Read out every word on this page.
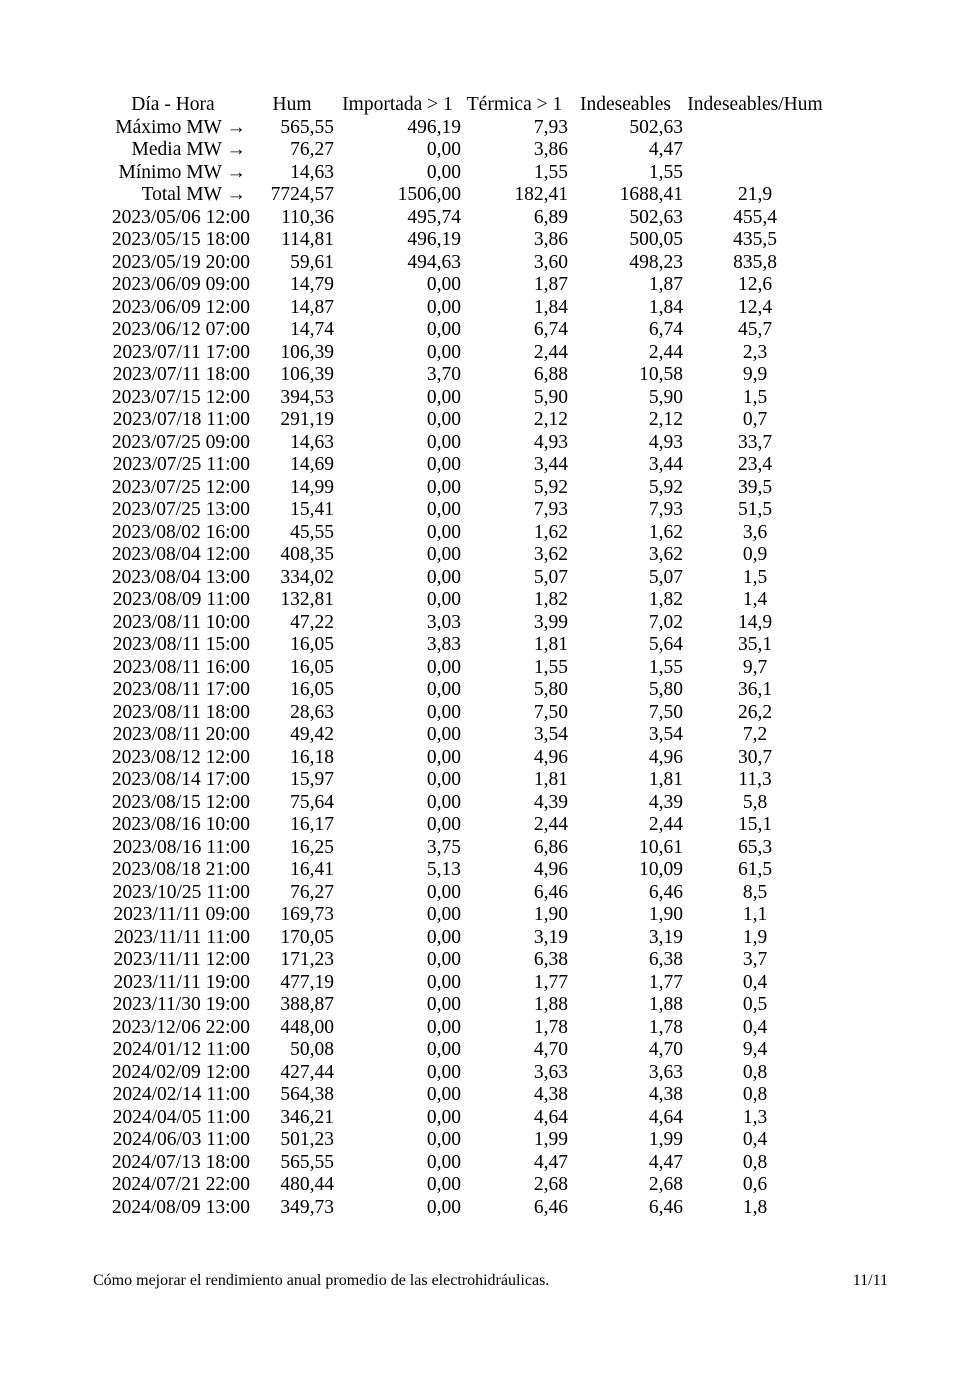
Día - Hora	Hum	Importada > 1	Térmica > 1	Indeseables	Indeseables/Hum
Máximo MW →	565,55	496,19	7,93	502,63	
Media MW →	76,27	0,00	3,86	4,47	
Mínimo MW →	14,63	0,00	1,55	1,55	
Total MW →	7724,57	1506,00	182,41	1688,41	21,9
2023/05/06 12:00	110,36	495,74	6,89	502,63	455,4
2023/05/15 18:00	114,81	496,19	3,86	500,05	435,5
2023/05/19 20:00	59,61	494,63	3,60	498,23	835,8
2023/06/09 09:00	14,79	0,00	1,87	1,87	12,6
2023/06/09 12:00	14,87	0,00	1,84	1,84	12,4
2023/06/12 07:00	14,74	0,00	6,74	6,74	45,7
2023/07/11 17:00	106,39	0,00	2,44	2,44	2,3
2023/07/11 18:00	106,39	3,70	6,88	10,58	9,9
2023/07/15 12:00	394,53	0,00	5,90	5,90	1,5
2023/07/18 11:00	291,19	0,00	2,12	2,12	0,7
2023/07/25 09:00	14,63	0,00	4,93	4,93	33,7
2023/07/25 11:00	14,69	0,00	3,44	3,44	23,4
2023/07/25 12:00	14,99	0,00	5,92	5,92	39,5
2023/07/25 13:00	15,41	0,00	7,93	7,93	51,5
2023/08/02 16:00	45,55	0,00	1,62	1,62	3,6
2023/08/04 12:00	408,35	0,00	3,62	3,62	0,9
2023/08/04 13:00	334,02	0,00	5,07	5,07	1,5
2023/08/09 11:00	132,81	0,00	1,82	1,82	1,4
2023/08/11 10:00	47,22	3,03	3,99	7,02	14,9
2023/08/11 15:00	16,05	3,83	1,81	5,64	35,1
2023/08/11 16:00	16,05	0,00	1,55	1,55	9,7
2023/08/11 17:00	16,05	0,00	5,80	5,80	36,1
2023/08/11 18:00	28,63	0,00	7,50	7,50	26,2
2023/08/11 20:00	49,42	0,00	3,54	3,54	7,2
2023/08/12 12:00	16,18	0,00	4,96	4,96	30,7
2023/08/14 17:00	15,97	0,00	1,81	1,81	11,3
2023/08/15 12:00	75,64	0,00	4,39	4,39	5,8
2023/08/16 10:00	16,17	0,00	2,44	2,44	15,1
2023/08/16 11:00	16,25	3,75	6,86	10,61	65,3
2023/08/18 21:00	16,41	5,13	4,96	10,09	61,5
2023/10/25 11:00	76,27	0,00	6,46	6,46	8,5
2023/11/11 09:00	169,73	0,00	1,90	1,90	1,1
2023/11/11 11:00	170,05	0,00	3,19	3,19	1,9
2023/11/11 12:00	171,23	0,00	6,38	6,38	3,7
2023/11/11 19:00	477,19	0,00	1,77	1,77	0,4
2023/11/30 19:00	388,87	0,00	1,88	1,88	0,5
2023/12/06 22:00	448,00	0,00	1,78	1,78	0,4
2024/01/12 11:00	50,08	0,00	4,70	4,70	9,4
2024/02/09 12:00	427,44	0,00	3,63	3,63	0,8
2024/02/14 11:00	564,38	0,00	4,38	4,38	0,8
2024/04/05 11:00	346,21	0,00	4,64	4,64	1,3
2024/06/03 11:00	501,23	0,00	1,99	1,99	0,4
2024/07/13 18:00	565,55	0,00	4,47	4,47	0,8
2024/07/21 22:00	480,44	0,00	2,68	2,68	0,6
2024/08/09 13:00	349,73	0,00	6,46	6,46	1,8
Cómo mejorar el rendimiento anual promedio de las electrohidráulicas.	11/11
